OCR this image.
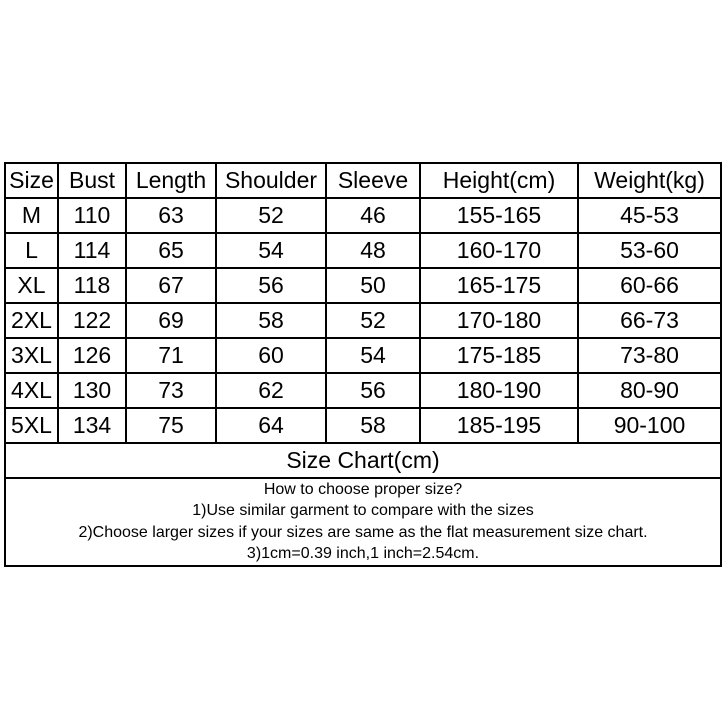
Size	Bust	Length	Shoulder	Sleeve	Height(cm)	Weight(kg)
M	110	63	52	46	155-165	45-53
L	114	65	54	48	160-170	53-60
XL	118	67	56	50	165-175	60-66
2XL	122	69	58	52	170-180	66-73
3XL	126	71	60	54	175-185	73-80
4XL	130	73	62	56	180-190	80-90
5XL	134	75	64	58	185-195	90-100
Size Chart(cm)						

How to choose proper size?
1)Use similar garment to compare with the sizes
2)Choose larger sizes if your sizes are same as the flat measurement size chart.
3)1cm=0.39 inch,1 inch=2.54cm.						
